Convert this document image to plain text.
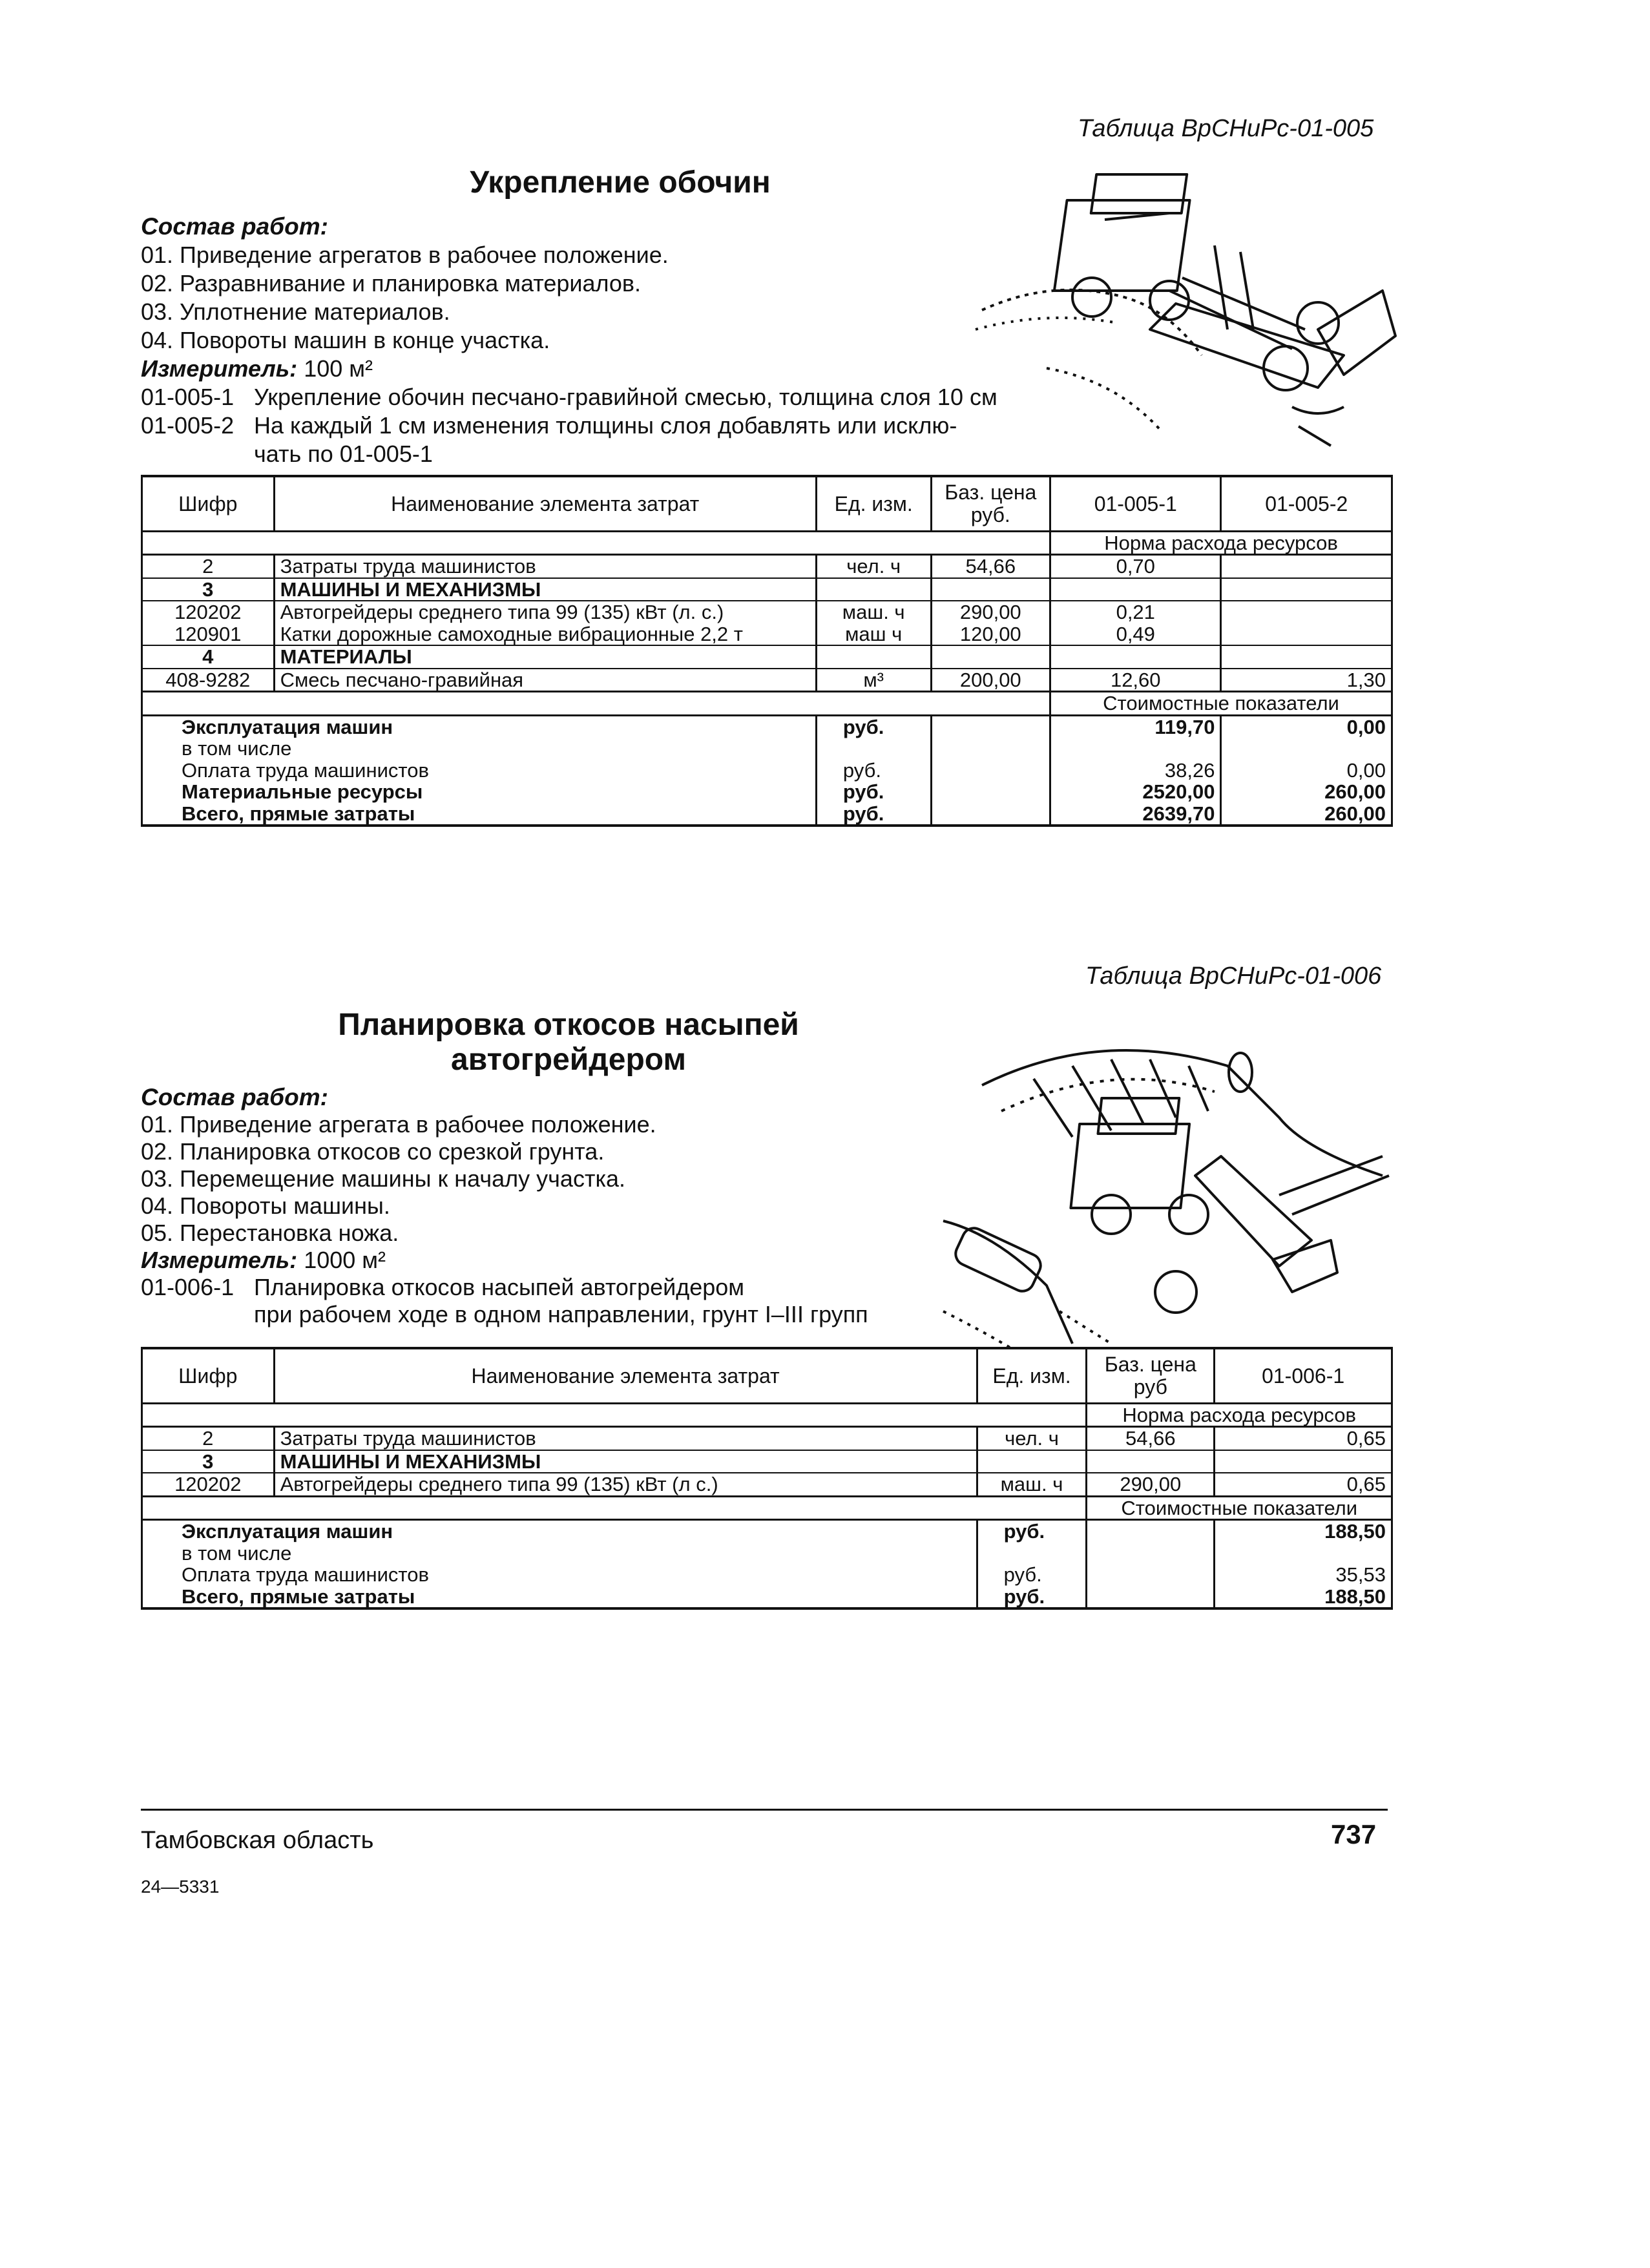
Таблица ВрСНиРс-01-005
Укрепление обочин
Состав работ:
01. Приведение агрегатов в рабочее положение.
02. Разравнивание и планировка материалов.
03. Уплотнение материалов.
04. Повороты машин в конце участка.
Измеритель: 100 м²
01-005-1 Укрепление обочин песчано-гравийной смесью, толщина слоя 10 см
01-005-2 На каждый 1 см изменения толщины слоя добавлять или исклю-
чать по 01-005-1
Шифр	Наименование элемента затрат	Ед. изм.	Баз. цена руб.	01-005-1	01-005-2
				Норма расхода ресурсов	
2	Затраты труда машинистов	чел. ч	54,66	0,70	
3	МАШИНЫ И МЕХАНИЗМЫ				
120202	Автогрейдеры среднего типа 99 (135) кВт (л. с.)	маш. ч	290,00	0,21	
120901	Катки дорожные самоходные вибрационные 2,2 т	маш ч	120,00	0,49	
4	МАТЕРИАЛЫ				
408-9282	Смесь песчано-гравийная	м³	200,00	12,60	1,30
				Стоимостные показатели	
Эксплуатация машин		руб.		119,70	0,00
в том числе					
Оплата труда машинистов		руб.		38,26	0,00
Материальные ресурсы		руб.		2520,00	260,00
Всего, прямые затраты		руб.		2639,70	260,00
Таблица ВрСНиРс-01-006
Планировка откосов насыпей
автогрейдером
Состав работ:
01. Приведение агрегата в рабочее положение.
02. Планировка откосов со срезкой грунта.
03. Перемещение машины к началу участка.
04. Повороты машины.
05. Перестановка ножа.
Измеритель: 1000 м²
01-006-1 Планировка откосов насыпей автогрейдером
при рабочем ходе в одном направлении, грунт I–III групп
Шифр	Наименование элемента затрат	Ед. изм.	Баз. цена руб	01-006-1
			Норма расхода ресурсов	
2	Затраты труда машинистов	чел. ч	54,66	0,65
3	МАШИНЫ И МЕХАНИЗМЫ			
120202	Автогрейдеры среднего типа 99 (135) кВт (л с.)	маш. ч	290,00	0,65
			Стоимостные показатели	
Эксплуатация машин		руб.		188,50
в том числе				
Оплата труда машинистов		руб.		35,53
Всего, прямые затраты		руб.		188,50
Тамбовская область	737
24—5331
